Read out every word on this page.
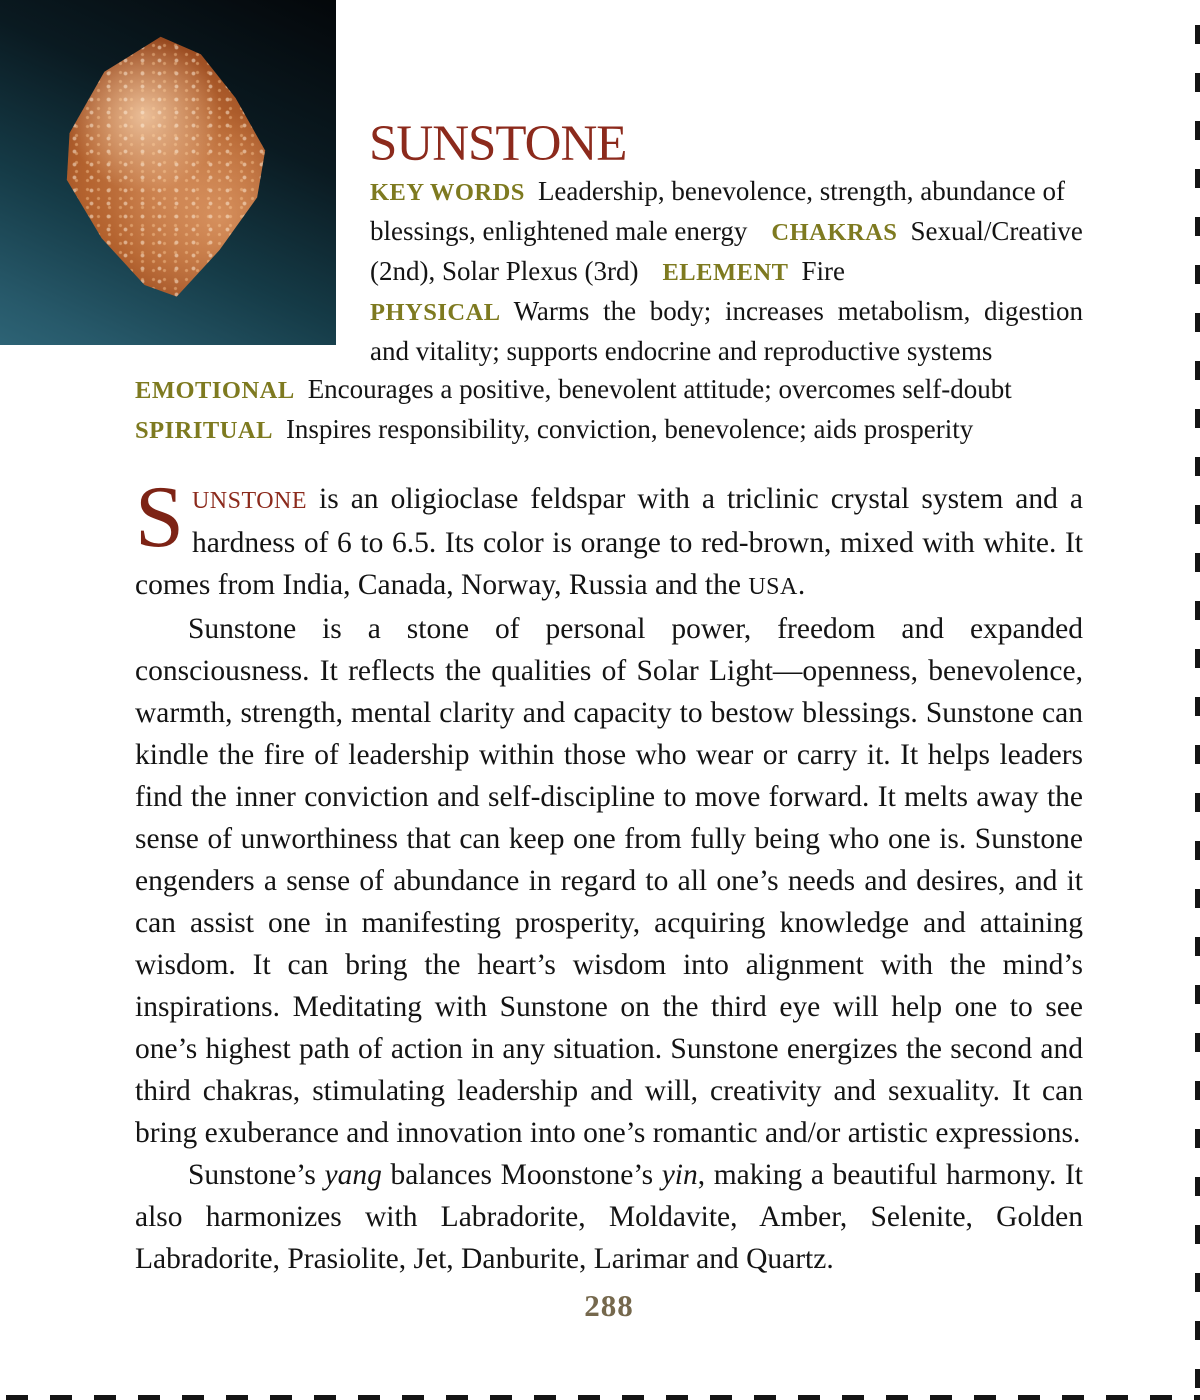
SUNSTONE

KEY WORDS Leadership, benevolence, strength, abundance of blessings, enlightened male energy CHAKRAS Sexual/Creative (2nd), Solar Plexus (3rd) ELEMENT Fire

PHYSICAL Warms the body; increases metabolism, digestion and vitality; supports endocrine and reproductive systems

EMOTIONAL Encourages a positive, benevolent attitude; overcomes self-doubt

SPIRITUAL Inspires responsibility, conviction, benevolence; aids prosperity

SUNSTONE is an oligioclase feldspar with a triclinic crystal system and a hardness of 6 to 6.5. Its color is orange to red-brown, mixed with white. It comes from India, Canada, Norway, Russia and the USA.

Sunstone is a stone of personal power, freedom and expanded consciousness. It reflects the qualities of Solar Light—openness, benevolence, warmth, strength, mental clarity and capacity to bestow blessings. Sunstone can kindle the fire of leadership within those who wear or carry it. It helps leaders find the inner conviction and self-discipline to move forward. It melts away the sense of unworthiness that can keep one from fully being who one is. Sunstone engenders a sense of abundance in regard to all one’s needs and desires, and it can assist one in manifesting prosperity, acquiring knowledge and attaining wisdom. It can bring the heart’s wisdom into alignment with the mind’s inspirations. Meditating with Sunstone on the third eye will help one to see one’s highest path of action in any situation. Sunstone energizes the second and third chakras, stimulating leadership and will, creativity and sexuality. It can bring exuberance and innovation into one’s romantic and/or artistic expressions.

Sunstone’s yang balances Moonstone’s yin, making a beautiful harmony. It also harmonizes with Labradorite, Moldavite, Amber, Selenite, Golden Labradorite, Prasiolite, Jet, Danburite, Larimar and Quartz.

288
